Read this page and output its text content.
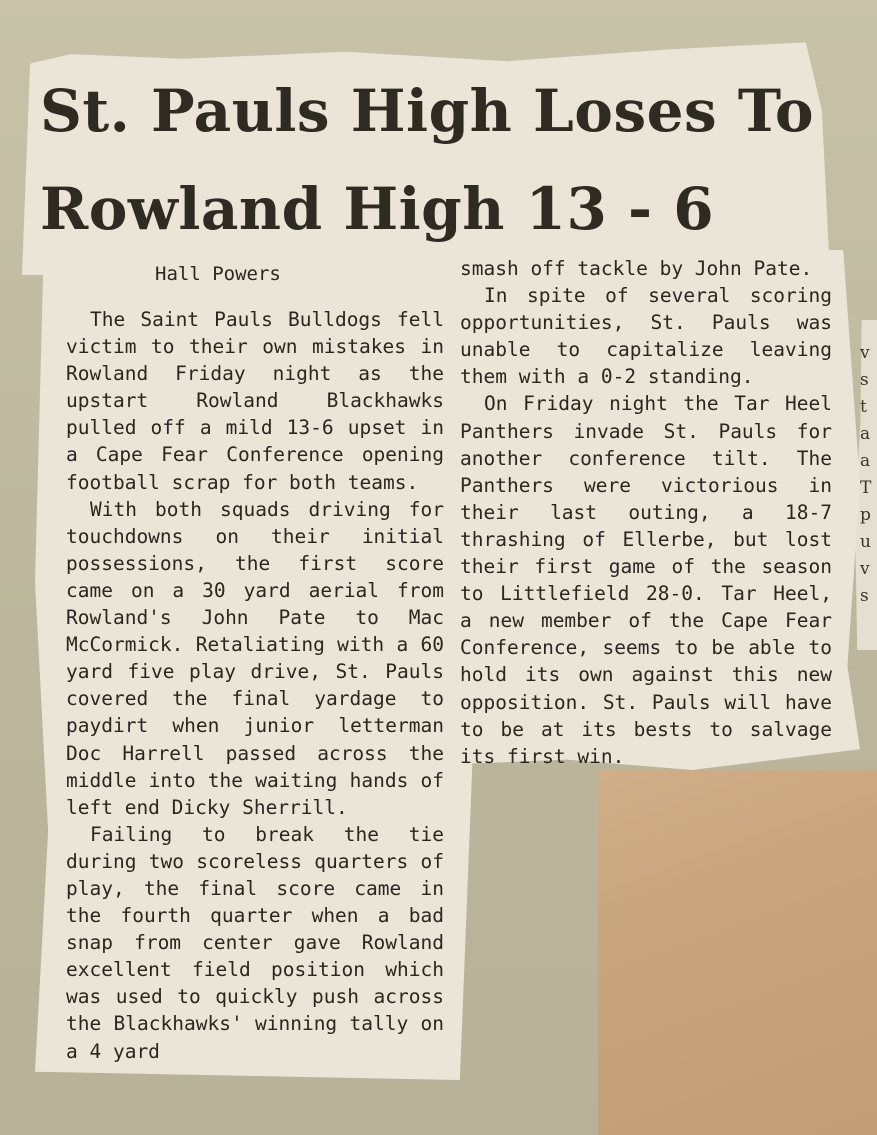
v
s
t
a
a
T
p
u
v
s
St. Pauls High Loses To Rowland High 13 - 6
Hall Powers

The Saint Pauls Bulldogs fell victim to their own mistakes in Rowland Friday night as the upstart Rowland Blackhawks pulled off a mild 13-6 upset in a Cape Fear Conference opening football scrap for both teams.

With both squads driving for touchdowns on their initial possessions, the first score came on a 30 yard aerial from Rowland's John Pate to Mac McCormick. Retaliating with a 60 yard five play drive, St. Pauls covered the final yardage to paydirt when junior letterman Doc Harrell passed across the middle into the waiting hands of left end Dicky Sherrill.

Failing to break the tie during two scoreless quarters of play, the final score came in the fourth quarter when a bad snap from center gave Rowland excellent field position which was used to quickly push across the Blackhawks' winning tally on a 4 yard

smash off tackle by John Pate.

In spite of several scoring opportunities, St. Pauls was unable to capitalize leaving them with a 0-2 standing.

On Friday night the Tar Heel Panthers invade St. Pauls for another conference tilt. The Panthers were victorious in their last outing, a 18-7 thrashing of Ellerbe, but lost their first game of the season to Littlefield 28-0. Tar Heel, a new member of the Cape Fear Conference, seems to be able to hold its own against this new opposition. St. Pauls will have to be at its bests to salvage its first win.
